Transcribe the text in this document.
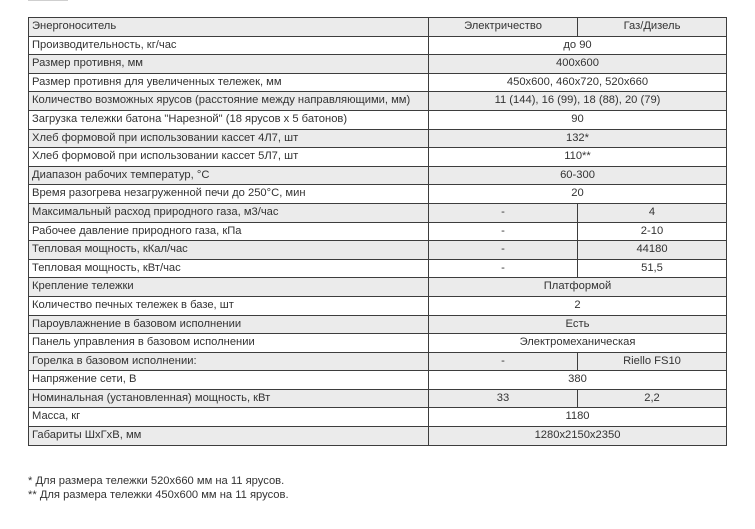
Энергоноситель	Электричество	Газ/Дизель
Производительность, кг/час	до 90	
Размер противня, мм	400х600	
Размер противня для увеличенных тележек, мм	450х600, 460х720, 520х660	
Количество возможных ярусов (расстояние между направляющими, мм)	11 (144), 16 (99), 18 (88), 20 (79)	
Загрузка тележки батона "Нарезной" (18 ярусов х 5 батонов)	90	
Хлеб формовой при использовании кассет 4Л7, шт	132*	
Хлеб формовой при использовании кассет 5Л7, шт	110**	
Диапазон рабочих температур, °С	60-300	
Время разогрева незагруженной печи до 250°С, мин	20	
Максимальный расход природного газа, м3/час	-	4
Рабочее давление природного газа, кПа	-	2-10
Тепловая мощность, кКал/час	-	44180
Тепловая мощность, кВт/час	-	51,5
Крепление тележки	Платформой	
Количество печных тележек в базе, шт	2	
Пароувлажнение в базовом исполнении	Есть	
Панель управления в базовом исполнении	Электромеханическая	
Горелка в базовом исполнении:	-	Riello FS10
Напряжение сети, В	380	
Номинальная (установленная) мощность, кВт	33	2,2
Масса, кг	1180	
Габариты ШхГхВ, мм	1280х2150х2350	
* Для размера тележки 520х660 мм на 11 ярусов.
** Для размера тележки 450х600 мм на 11 ярусов.
